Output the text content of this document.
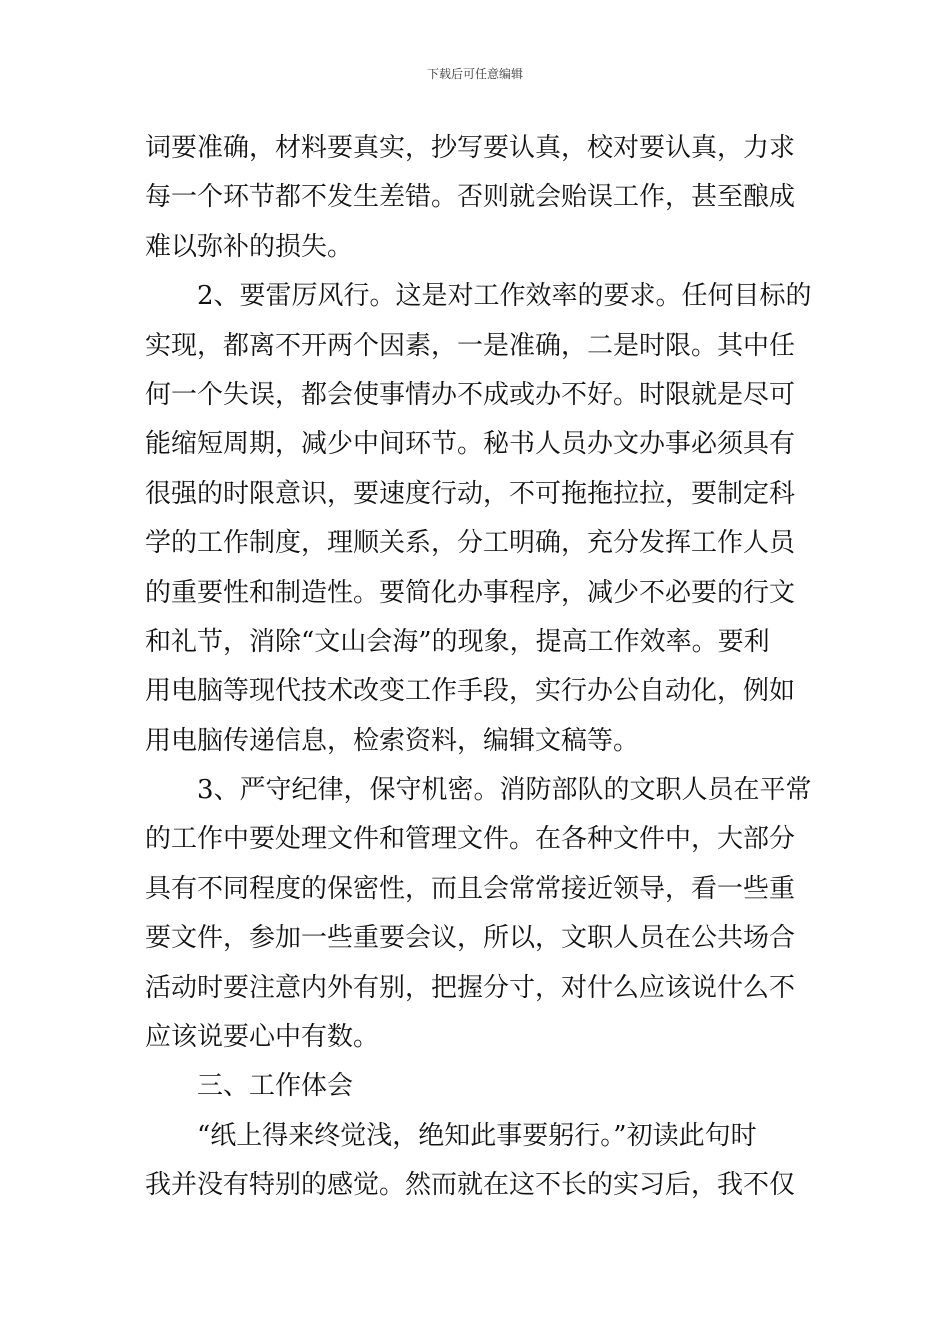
下载后可任意编辑
词要准确，材料要真实，抄写要认真，校对要认真，力求
每一个环节都不发生差错。否则就会贻误工作，甚至酿成
难以弥补的损失。
2、要雷厉风行。这是对工作效率的要求。任何目标的
实现，都离不开两个因素，一是准确，二是时限。其中任
何一个失误，都会使事情办不成或办不好。时限就是尽可
能缩短周期，减少中间环节。秘书人员办文办事必须具有
很强的时限意识，要速度行动，不可拖拖拉拉，要制定科
学的工作制度，理顺关系，分工明确，充分发挥工作人员
的重要性和制造性。要简化办事程序，减少不必要的行文
和礼节，消除“文山会海”的现象，提高工作效率。要利
用电脑等现代技术改变工作手段，实行办公自动化，例如
用电脑传递信息，检索资料，编辑文稿等。
3、严守纪律，保守机密。消防部队的文职人员在平常
的工作中要处理文件和管理文件。在各种文件中，大部分
具有不同程度的保密性，而且会常常接近领导，看一些重
要文件，参加一些重要会议，所以，文职人员在公共场合
活动时要注意内外有别，把握分寸，对什么应该说什么不
应该说要心中有数。
三、工作体会
“纸上得来终觉浅，绝知此事要躬行。”初读此句时
我并没有特别的感觉。然而就在这不长的实习后，我不仅
